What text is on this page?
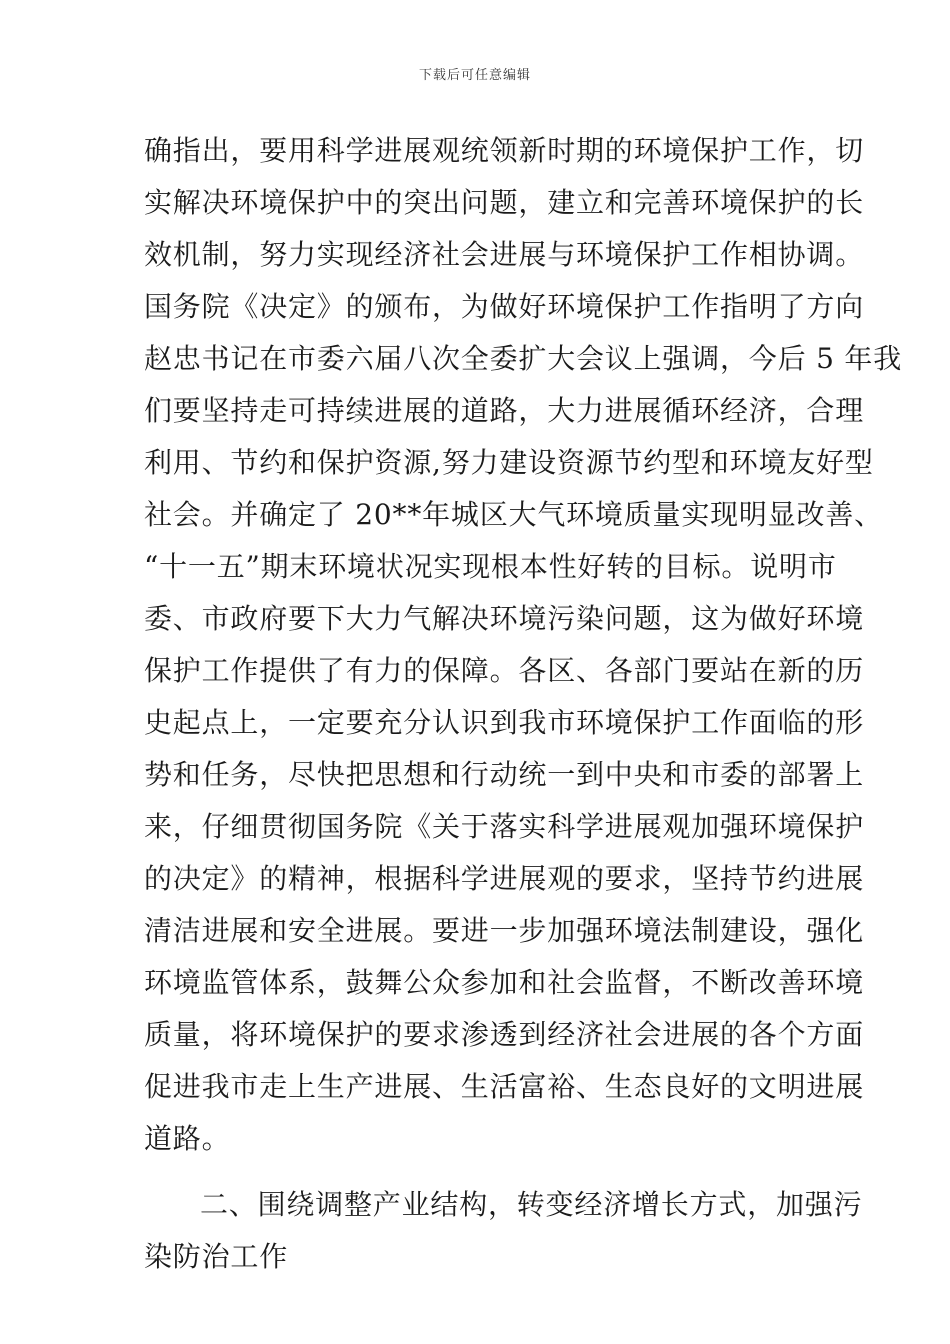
下载后可任意编辑
确指出，要用科学进展观统领新时期的环境保护工作，切
实解决环境保护中的突出问题，建立和完善环境保护的长
效机制，努力实现经济社会进展与环境保护工作相协调。
国务院《决定》的颁布，为做好环境保护工作指明了方向
赵忠书记在市委六届八次全委扩大会议上强调，今后 5 年我
们要坚持走可持续进展的道路，大力进展循环经济，合理
利用、节约和保护资源,努力建设资源节约型和环境友好型
社会。并确定了 20**年城区大气环境质量实现明显改善、
“十一五”期末环境状况实现根本性好转的目标。说明市
委、市政府要下大力气解决环境污染问题，这为做好环境
保护工作提供了有力的保障。各区、各部门要站在新的历
史起点上，一定要充分认识到我市环境保护工作面临的形
势和任务，尽快把思想和行动统一到中央和市委的部署上
来，仔细贯彻国务院《关于落实科学进展观加强环境保护
的决定》的精神，根据科学进展观的要求，坚持节约进展
清洁进展和安全进展。要进一步加强环境法制建设，强化
环境监管体系，鼓舞公众参加和社会监督，不断改善环境
质量，将环境保护的要求渗透到经济社会进展的各个方面
促进我市走上生产进展、生活富裕、生态良好的文明进展
道路。
二、围绕调整产业结构，转变经济增长方式，加强污
染防治工作
